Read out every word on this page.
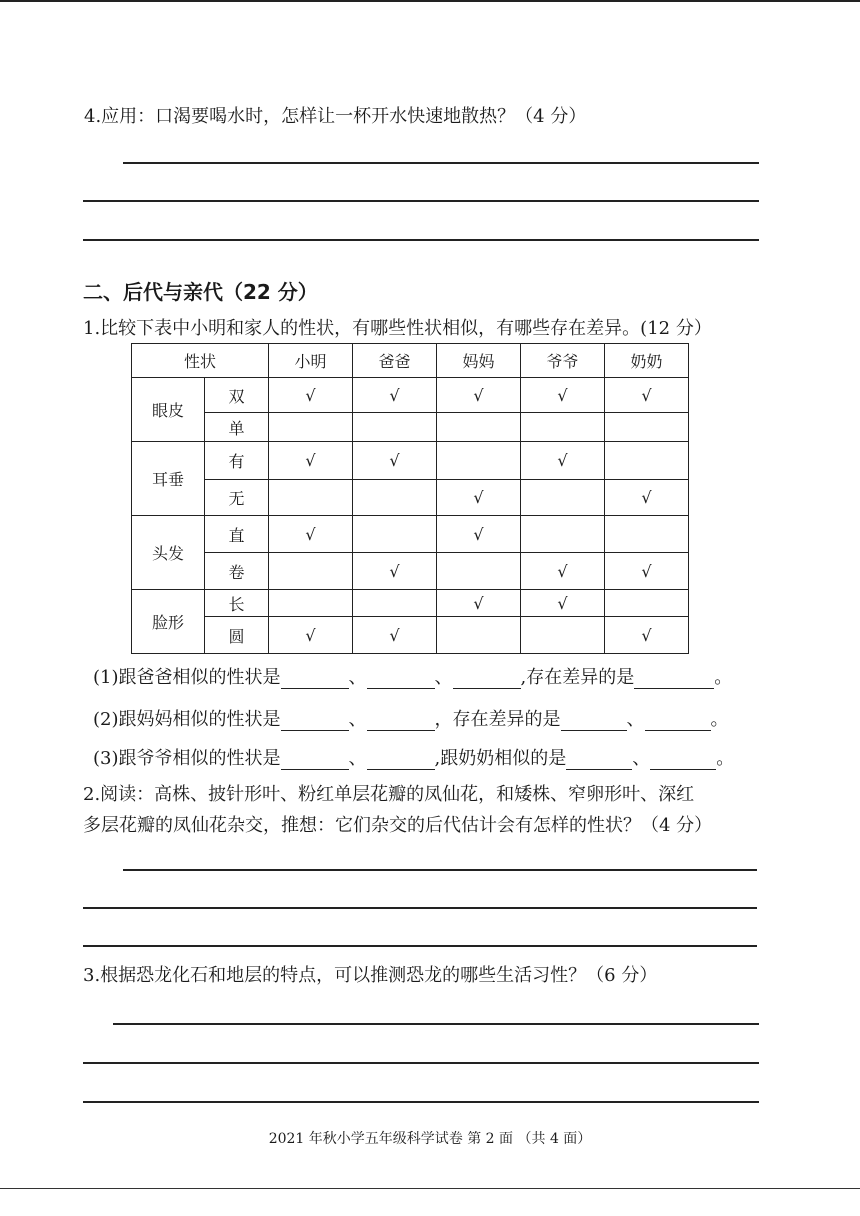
4.应用：口渴要喝水时，怎样让一杯开水快速地散热？（4 分）
二、后代与亲代（22 分）
1.比较下表中小明和家人的性状，有哪些性状相似，有哪些存在差异。(12 分）
性状		小明	爸爸	妈妈	爷爷	奶奶
眼皮	双	√	√	√	√	√
	单					
耳垂	有	√	√		√	
	无			√		√
头发	直	√		√		
	卷		√		√	√
脸形	长			√	√	
	圆	√	√			√
(1)跟爸爸相似的性状是	、	、	,存在差异的是	。
(2)跟妈妈相似的性状是	、	，存在差异的是	、	。
(3)跟爷爷相似的性状是	、	,跟奶奶相似的是	、	。
2.阅读：高株、披针形叶、粉红单层花瓣的凤仙花，和矮株、窄卵形叶、深红
多层花瓣的凤仙花杂交，推想：它们杂交的后代估计会有怎样的性状？（4 分）
3.根据恐龙化石和地层的特点，可以推测恐龙的哪些生活习性？（6 分）
2021 年秋小学五年级科学试卷 第 2 面 （共 4 面）
